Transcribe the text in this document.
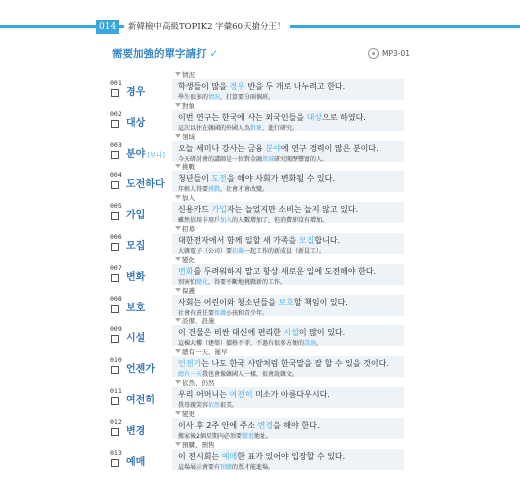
014	新韓檢中高級TOPIK2 字彙60天搶分王！
需要加強的單字請打 ✓	MP3-01
情況
001
경우
학생들이 많을 경우 반을 두 개로 나누려고 한다.
學生很多的情況，打算要分兩個班。
對象
002
대상
이번 연구는 한국에 사는 외국인들을 대상으로 하였다.
這次以住在韓國的外國人為對象，進行研究。
領域
003
분야 [부나]
오늘 세미나 강사는 금융 분야에 연구 경력이 많은 분이다.
今天研討會的講師是一位對金融領域研究閱歷豐富的人。
挑戰
004
도전하다
청년들이 도전을 해야 사회가 변화될 수 있다.
年輕人得要挑戰，社會才會改變。
加入
005
가입
신용카드 가입자는 늘었지만 소비는 늘지 않고 있다.
雖然信用卡用戶加入的人數增加了，但消費卻沒有增加。
招募
006
모집
대한전자에서 함께 일할 새 가족을 모집합니다.
大韓電子（公司）要招募一起工作的新成員（新員工）。
變化
007
변화
변화를 두려워하지 말고 항상 새로운 일에 도전해야 한다.
別害怕變化，得要不斷地挑戰新的工作。
保護
008
보호
사회는 어린이와 청소년들을 보호할 책임이 있다.
社會有責任要保護小孩和青少年。
設備、設施
009
시설
이 건물은 비싼 대신에 편리한 시설이 많이 있다.
這棟大樓（建築）價格不菲，不過有很多方便的設施。
總有一天、遲早
010
언젠가
언젠가는 나도 한국 사람처럼 한국말을 잘 할 수 있을 것이다.
總有一天我也會像韓國人一樣，很會說韓文。
依然、仍然
011
여전히
우리 어머니는 여전히 미소가 아름다우시다.
我母親笑容依然很美。
變更
012
변경
이사 후 2주 안에 주소 변경을 해야 한다.
搬家後2個星期內必須要變更地址。
預購、預售
013
예매
이 전시회는 예매한 표가 있어야 입장할 수 있다.
這場展示會要有預購的票才能進場。
